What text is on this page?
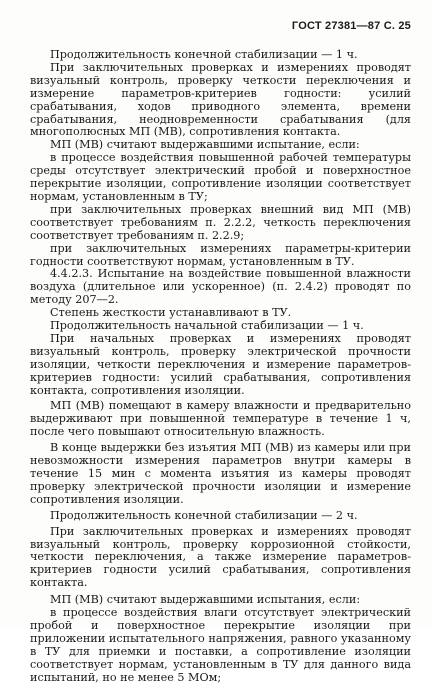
ГОСТ 27381—87 С. 25

Продолжительность конечной стабилизации — 1 ч.

При заключительных проверках и измерениях проводят визуальный контроль, проверку четкости переключения и измерение параметров-критериев годности: усилий срабатывания, ходов приводного элемента, времени срабатывания, неодновременности срабатывания (для многополюсных МП (МВ), сопротивления контакта.

МП (МВ) считают выдержавшими испытание, если:

в процессе воздействия повышенной рабочей температуры среды отсутствует электрический пробой и поверхностное перекрытие изоляции, сопротивление изоляции соответствует нормам, установленным в ТУ;

при заключительных проверках внешний вид МП (МВ) соответствует требованиям п. 2.2.2, четкость переключения соответствует требованиям п. 2.2.9;

при заключительных измерениях параметры-критерии годности соответствуют нормам, установленным в ТУ.

4.4.2.3. Испытание на воздействие повышенной влажности воздуха (длительное или ускоренное) (п. 2.4.2) проводят по методу 207—2.

Степень жесткости устанавливают в ТУ.

Продолжительность начальной стабилизации — 1 ч.

При начальных проверках и измерениях проводят визуальный контроль, проверку электрической прочности изоляции, четкости переключения и измерение параметров-критериев годности: усилий срабатывания, сопротивления контакта, сопротивления изоляции.

МП (МВ) помещают в камеру влажности и предварительно выдерживают при повышенной температуре в течение 1 ч, после чего повышают относительную влажность.

В конце выдержки без изъятия МП (МВ) из камеры или при невозможности измерения параметров внутри камеры в течение 15 мин с момента изъятия из камеры проводят проверку электрической прочности изоляции и измерение сопротивления изоляции.

Продолжительность конечной стабилизации — 2 ч.

При заключительных проверках и измерениях проводят визуальный контроль, проверку коррозионной стойкости, четкости переключения, а также измерение параметров-критериев годности усилий срабатывания, сопротивления контакта.

МП (МВ) считают выдержавшими испытания, если:

в процессе воздействия влаги отсутствует электрический пробой и поверхностное перекрытие изоляции при приложении испытательного напряжения, равного указанному в ТУ для приемки и поставки, а сопротивление изоляции соответствует нормам, установленным в ТУ для данного вида испытаний, но не менее 5 МОм;
